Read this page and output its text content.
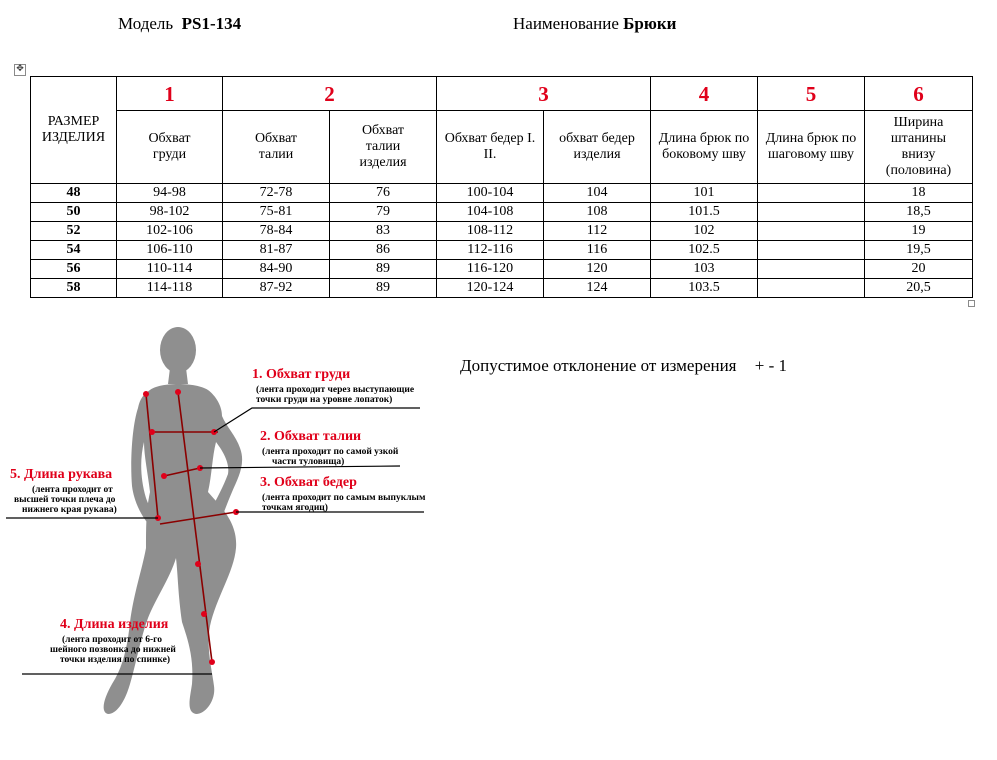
Модель PS1-134	Наименование Брюки
✥
РАЗМЕР ИЗДЕЛИЯ	1	2		3		4	5	6
	Обхват груди	Обхват талии	Обхват талии изделия	Обхват бедер I. II.	обхват бедер изделия	Длина брюк по боковому шву	Длина брюк по шаговому шву	Ширина штанины внизу (половина)
48	94-98	72-78	76	100-104	104	101		18
50	98-102	75-81	79	104-108	108	101.5		18,5
52	102-106	78-84	83	108-112	112	102		19
54	106-110	81-87	86	112-116	116	102.5		19,5
56	110-114	84-90	89	116-120	120	103		20
58	114-118	87-92	89	120-124	124	103.5		20,5
Допустимое отклонение от измерения + - 1
1. Обхват груди
(лента проходит через выступающие
точки груди на уровне лопаток)
2. Обхват талии
(лента проходит по самой узкой
части туловища)
3. Обхват бедер
(лента проходит по самым выпуклым
точкам ягодиц)
4. Длина изделия
(лента проходит от 6-го
шейного позвонка до нижней
точки изделия по спинке)
5. Длина рукава
(лента проходит от
высшей точки плеча до
нижнего края рукава)
